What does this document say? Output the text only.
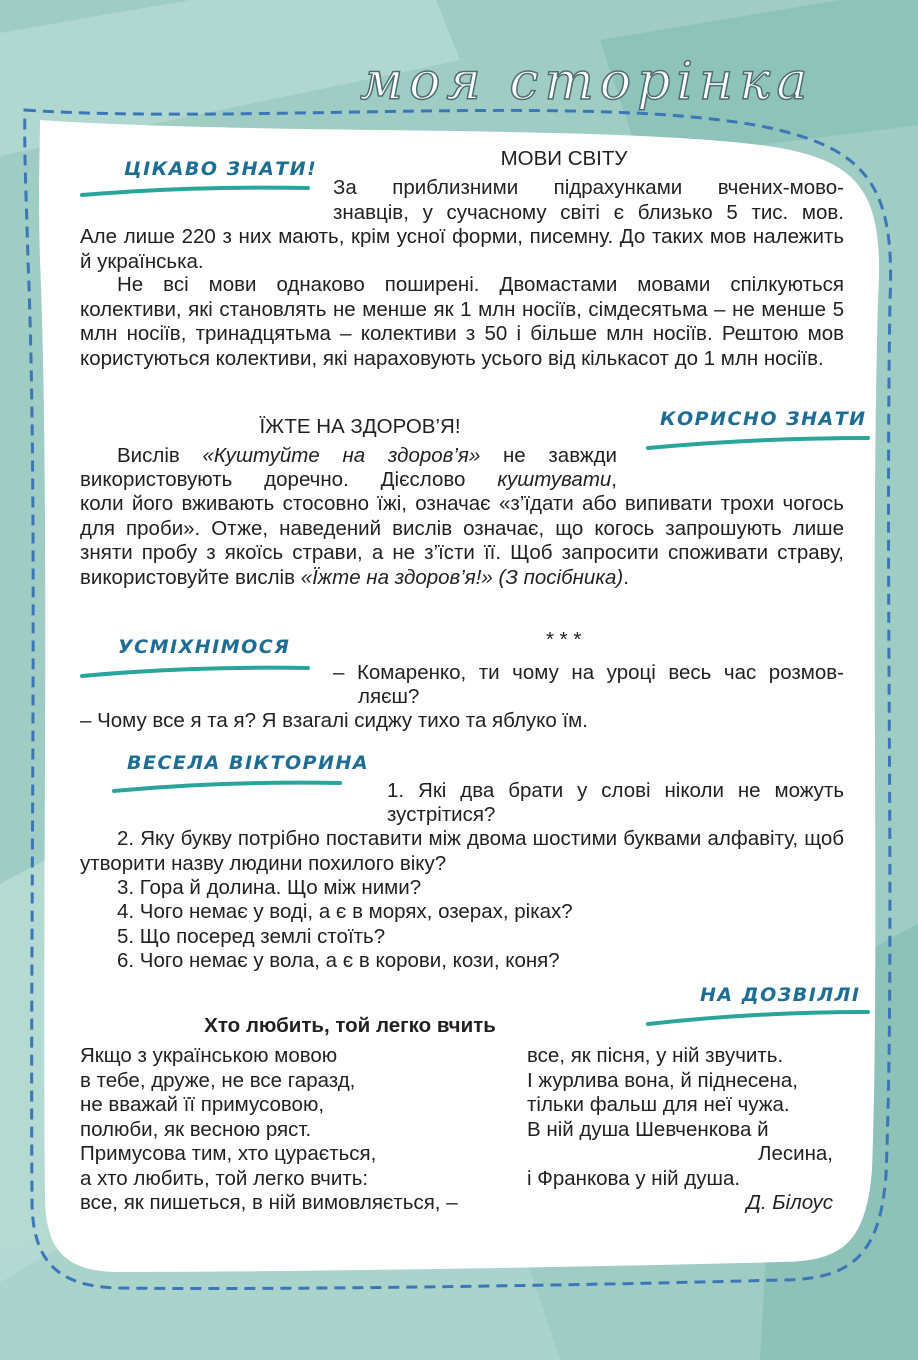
моя сторінка
ЦІКАВО ЗНАТИ!	МОВИ СВІТУ
За приблизними підрахунками вчених-мово-
знавців, у сучасному світі є близько 5 тис. мов.
Але лише 220 з них мають, крім усної форми, писемну. До таких мов належить й українська.
Не всі мови однаково поширені. Двомастами мовами спілкуються колективи, які становлять не менше як 1 млн носіїв, сімдесятьма – не менше 5 млн носіїв, тринадцятьма – колективи з 50 і більше млн носіїв. Рештою мов користуються колективи, які нараховують усього від кількасот до 1 млн носіїв.
ЇЖТЕ НА ЗДОРОВ’Я!	КОРИСНО ЗНАТИ
Вислів «Куштуйте на здоров’я» не завжди
використовують доречно. Дієслово куштувати,
коли його вживають стосовно їжі, означає «з’їдати або випивати трохи чогось для проби». Отже, наведений вислів означає, що когось запрошують лише зняти пробу з якоїсь страви, а не з’їсти її. Щоб запросити споживати страву, використовуйте вислів «Їжте на здоров’я!» (З посібника).
УСМІХНІМОСЯ	* * *
– Комаренко, ти чому на уроці весь час розмов-
ляєш?
– Чому все я та я? Я взагалі сиджу тихо та яблуко їм.
ВЕСЕЛА ВІКТОРИНА
1. Які два брати у слові ніколи не можуть
зустрітися?
2. Яку букву потрібно поставити між двома шостими буквами алфавіту, щоб утворити назву людини похилого віку?
3. Гора й долина. Що між ними?
4. Чого немає у воді, а є в морях, озерах, ріках?
5. Що посеред землі стоїть?
6. Чого немає у вола, а є в корови, кози, коня?
НА ДОЗВІЛЛІ
Хто любить, той легко вчить
Якщо з українською мовою
в тебе, друже, не все гаразд,
не вважай її примусовою,
полюби, як весною ряст.
Примусова тим, хто цурається,
а хто любить, той легко вчить:
все, як пишеться, в ній вимовляється, –
все, як пісня, у ній звучить.
І журлива вона, й піднесена,
тільки фальш для неї чужа.
В ній душа Шевченкова й
Лесина,
і Франкова у ній душа.
Д. Білоус
